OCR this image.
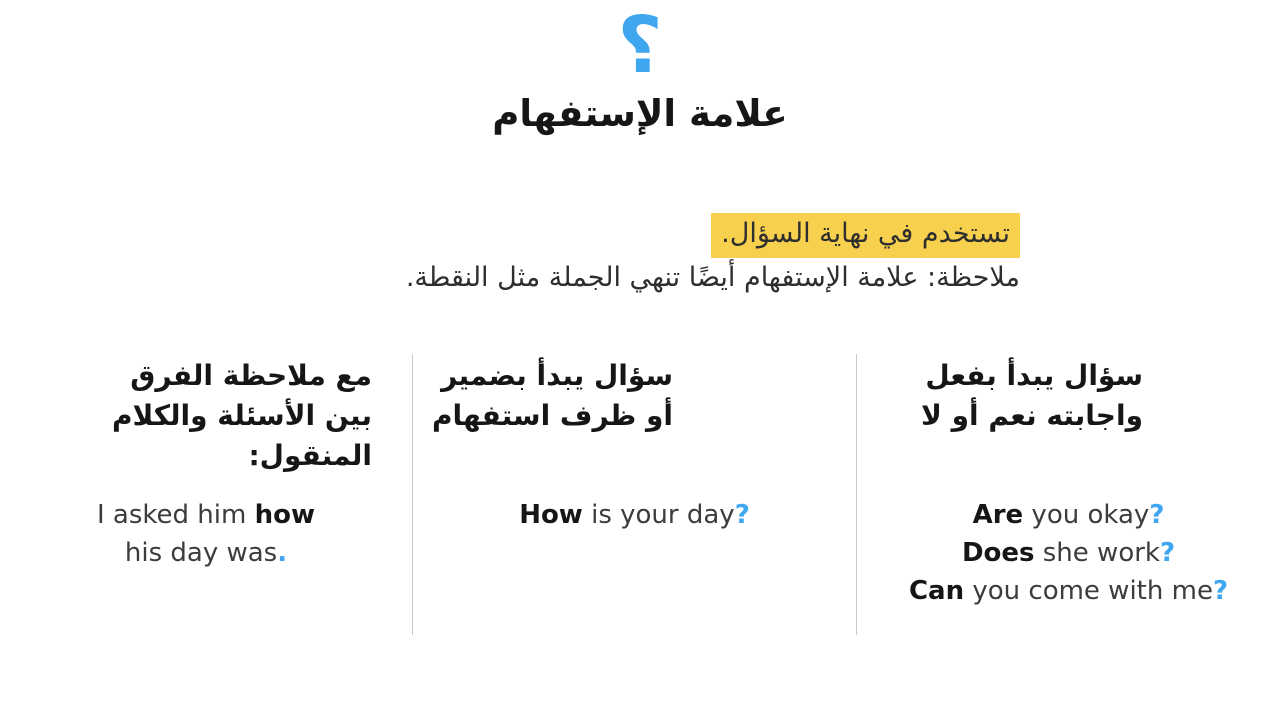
؟
علامة الإستفهام
تستخدم في نهاية السؤال.
ملاحظة: علامة الإستفهام أيضًا تنهي الجملة مثل النقطة.
سؤال يبدأ بفعل
واجابته نعم أو لا
Are you okay?
Does she work?
Can you come with me?
سؤال يبدأ بضمير
أو ظرف استفهام
How is your day?
مع ملاحظة الفرق
بين الأسئلة والكلام
المنقول:
I asked him how
his day was.
